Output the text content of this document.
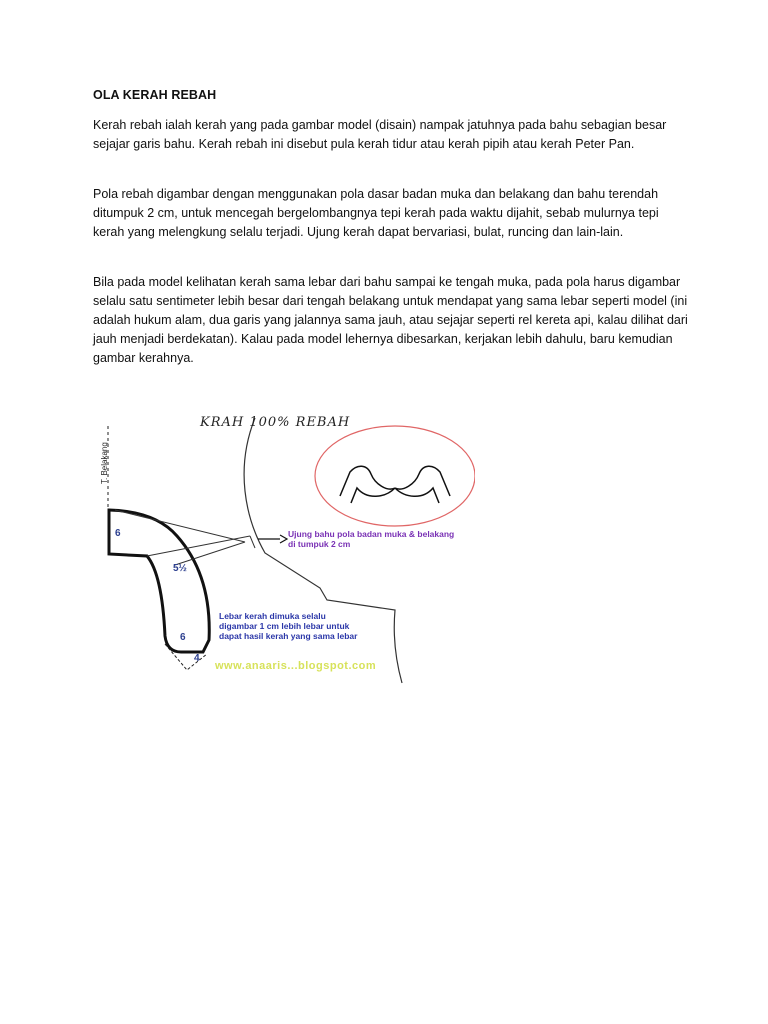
OLA KERAH REBAH

Kerah rebah ialah kerah yang pada gambar model (disain) nampak jatuhnya pada bahu sebagian besar sejajar garis bahu. Kerah rebah ini disebut pula kerah tidur atau kerah pipih atau kerah Peter Pan.

Pola rebah digambar dengan menggunakan pola dasar badan muka dan belakang dan bahu terendah ditumpuk 2 cm, untuk mencegah bergelombangnya tepi kerah pada waktu dijahit, sebab mulurnya tepi kerah yang melengkung selalu terjadi. Ujung kerah dapat bervariasi, bulat, runcing dan lain-lain.

Bila pada model kelihatan kerah sama lebar dari bahu sampai ke tengah muka, pada pola harus digambar selalu satu sentimeter lebih besar dari tengah belakang untuk mendapat yang sama lebar seperti model (ini adalah hukum alam, dua garis yang jalannya sama jauh, atau sejajar seperti rel kereta api, kalau dilihat dari jauh menjadi berdekatan). Kalau pada model lehernya dibesarkan, kerjakan lebih dahulu, baru kemudian gambar kerahnya.

KRAH 100% REBAH
T. Belakang
6
5½
6
4
Ujung bahu pola badan muka & belakang di tumpuk 2 cm
Lebar kerah dimuka selalu digambar 1 cm lebih lebar untuk dapat hasil kerah yang sama lebar
www.anaaris...blogspot.com
